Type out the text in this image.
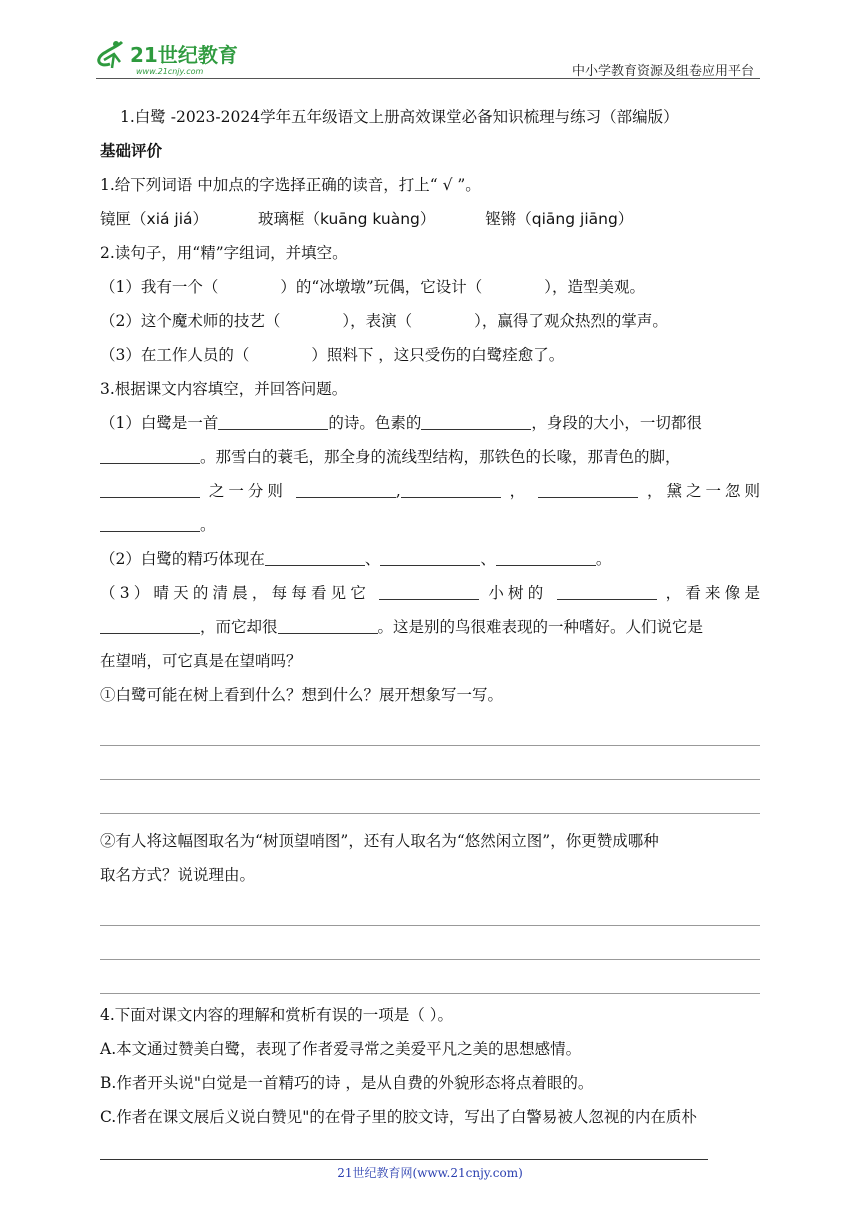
21世纪教育
www.21cnjy.com	中小学教育资源及组卷应用平台
1.白鹭 -2023-2024学年五年级语文上册高效课堂必备知识梳理与练习（部编版）
基础评价
1.给下列词语 中加点的字选择正确的读音，打上“ √ ”。
镜匣 ·（xiá jiá）	玻璃框 ·（kuāng kuàng）	铿 ·锵（qiāng jiāng）
2.读句子，用“精”字组词，并填空。
（1）我有一个（	）的“冰墩墩”玩偶，它设计（	），造型美观。
（2）这个魔术师的技艺（	），表演（	），赢得了观众热烈的掌声。
（3）在工作人员的（	）照料下 ，这只受伤的白鹭痊愈了。
3.根据课文内容填空，并回答问题。
（1）白鹭是一首	的诗。色素的	，身段的大小，一切都很
。那雪白的蓑毛，那全身的流线型结构，那铁色的长喙，那青色的脚，
之一分则	,	，	，黛之一忽则
。
（2）白鹭的精巧体现在	、	、	。
（3）晴天的清晨，每每看见它	小树的	，看来像是
，而它却很	。这是别的鸟很难表现的一种嗜好。人们说它是
在望哨，可它真是在望哨吗？
①白鹭可能在树上看到什么？想到什么？展开想象写一写。
②有人将这幅图取名为“树顶望哨图”，还有人取名为“悠然闲立图”，你更赞成哪种
取名方式？说说理由。
4.下面对课文内容的理解和赏析有误的一项是（ ）。
A.本文通过赞美白鹭，表现了作者爱寻常之美爱平凡之美的思想感情。
B.作者开头说"白觉是一首精巧的诗 ，是从自费的外貌形态将点着眼的。
C.作者在课文展后义说白赞见"的在骨子里的胶文诗，写出了白警易被人忽视的内在质朴
21世纪教育网(www.21cnjy.com)
